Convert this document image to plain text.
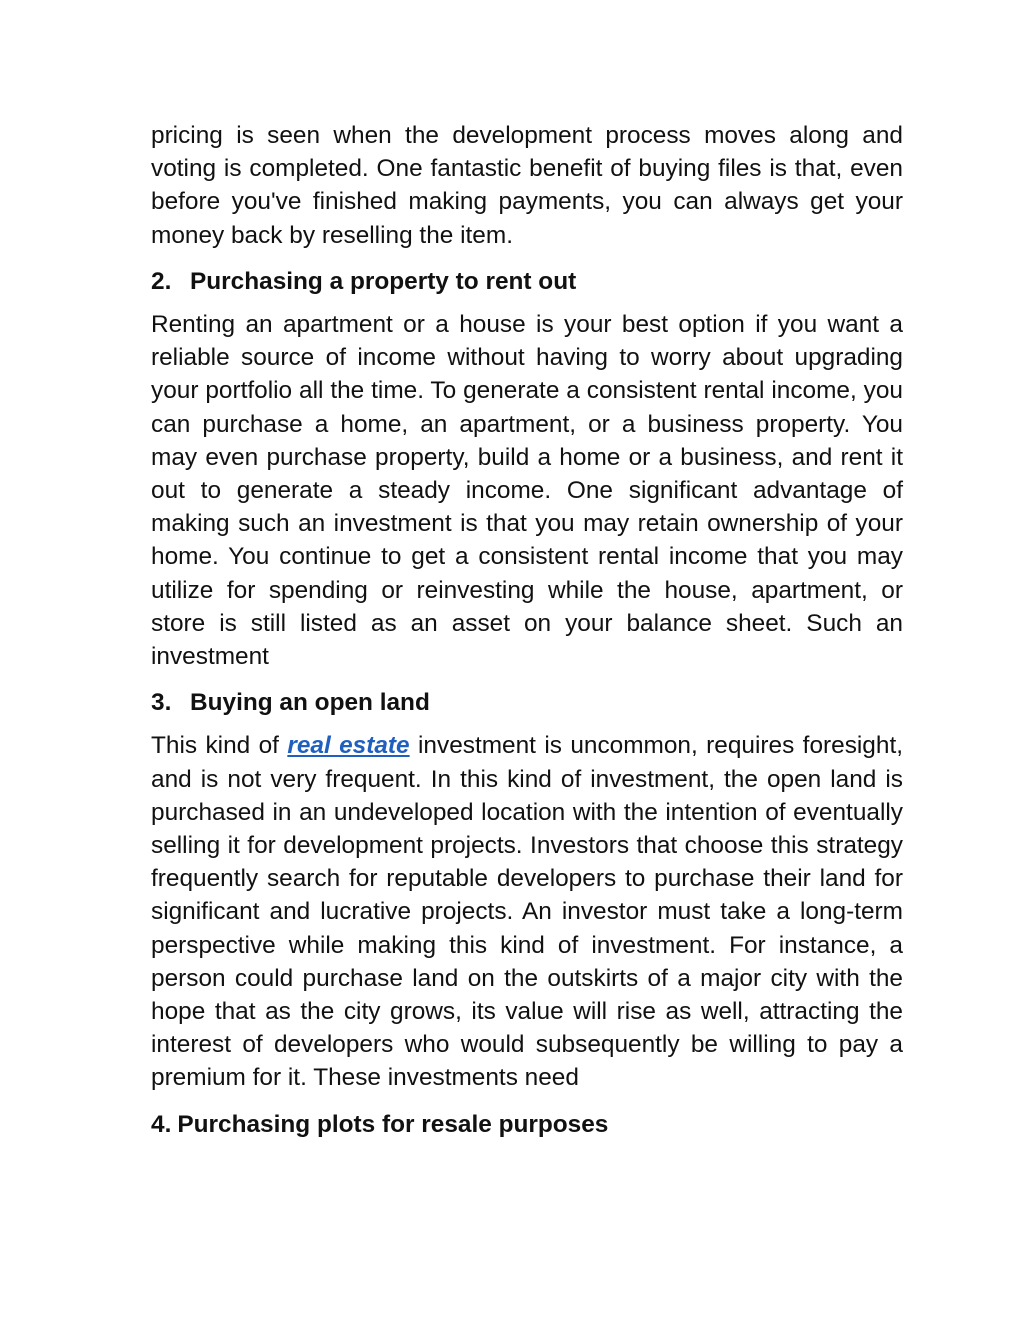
pricing is seen when the development process moves along and voting is completed. One fantastic benefit of buying files is that, even before you've finished making payments, you can always get your money back by reselling the item.

2. Purchasing a property to rent out

Renting an apartment or a house is your best option if you want a reliable source of income without having to worry about upgrading your portfolio all the time. To generate a consistent rental income, you can purchase a home, an apartment, or a business property. You may even purchase property, build a home or a business, and rent it out to generate a steady income. One significant advantage of making such an investment is that you may retain ownership of your home. You continue to get a consistent rental income that you may utilize for spending or reinvesting while the house, apartment, or store is still listed as an asset on your balance sheet. Such an investment

3. Buying an open land

This kind of real estate investment is uncommon, requires foresight, and is not very frequent. In this kind of investment, the open land is purchased in an undeveloped location with the intention of eventually selling it for development projects. Investors that choose this strategy frequently search for reputable developers to purchase their land for significant and lucrative projects. An investor must take a long-term perspective while making this kind of investment. For instance, a person could purchase land on the outskirts of a major city with the hope that as the city grows, its value will rise as well, attracting the interest of developers who would subsequently be willing to pay a premium for it. These investments need

4. Purchasing plots for resale purposes
